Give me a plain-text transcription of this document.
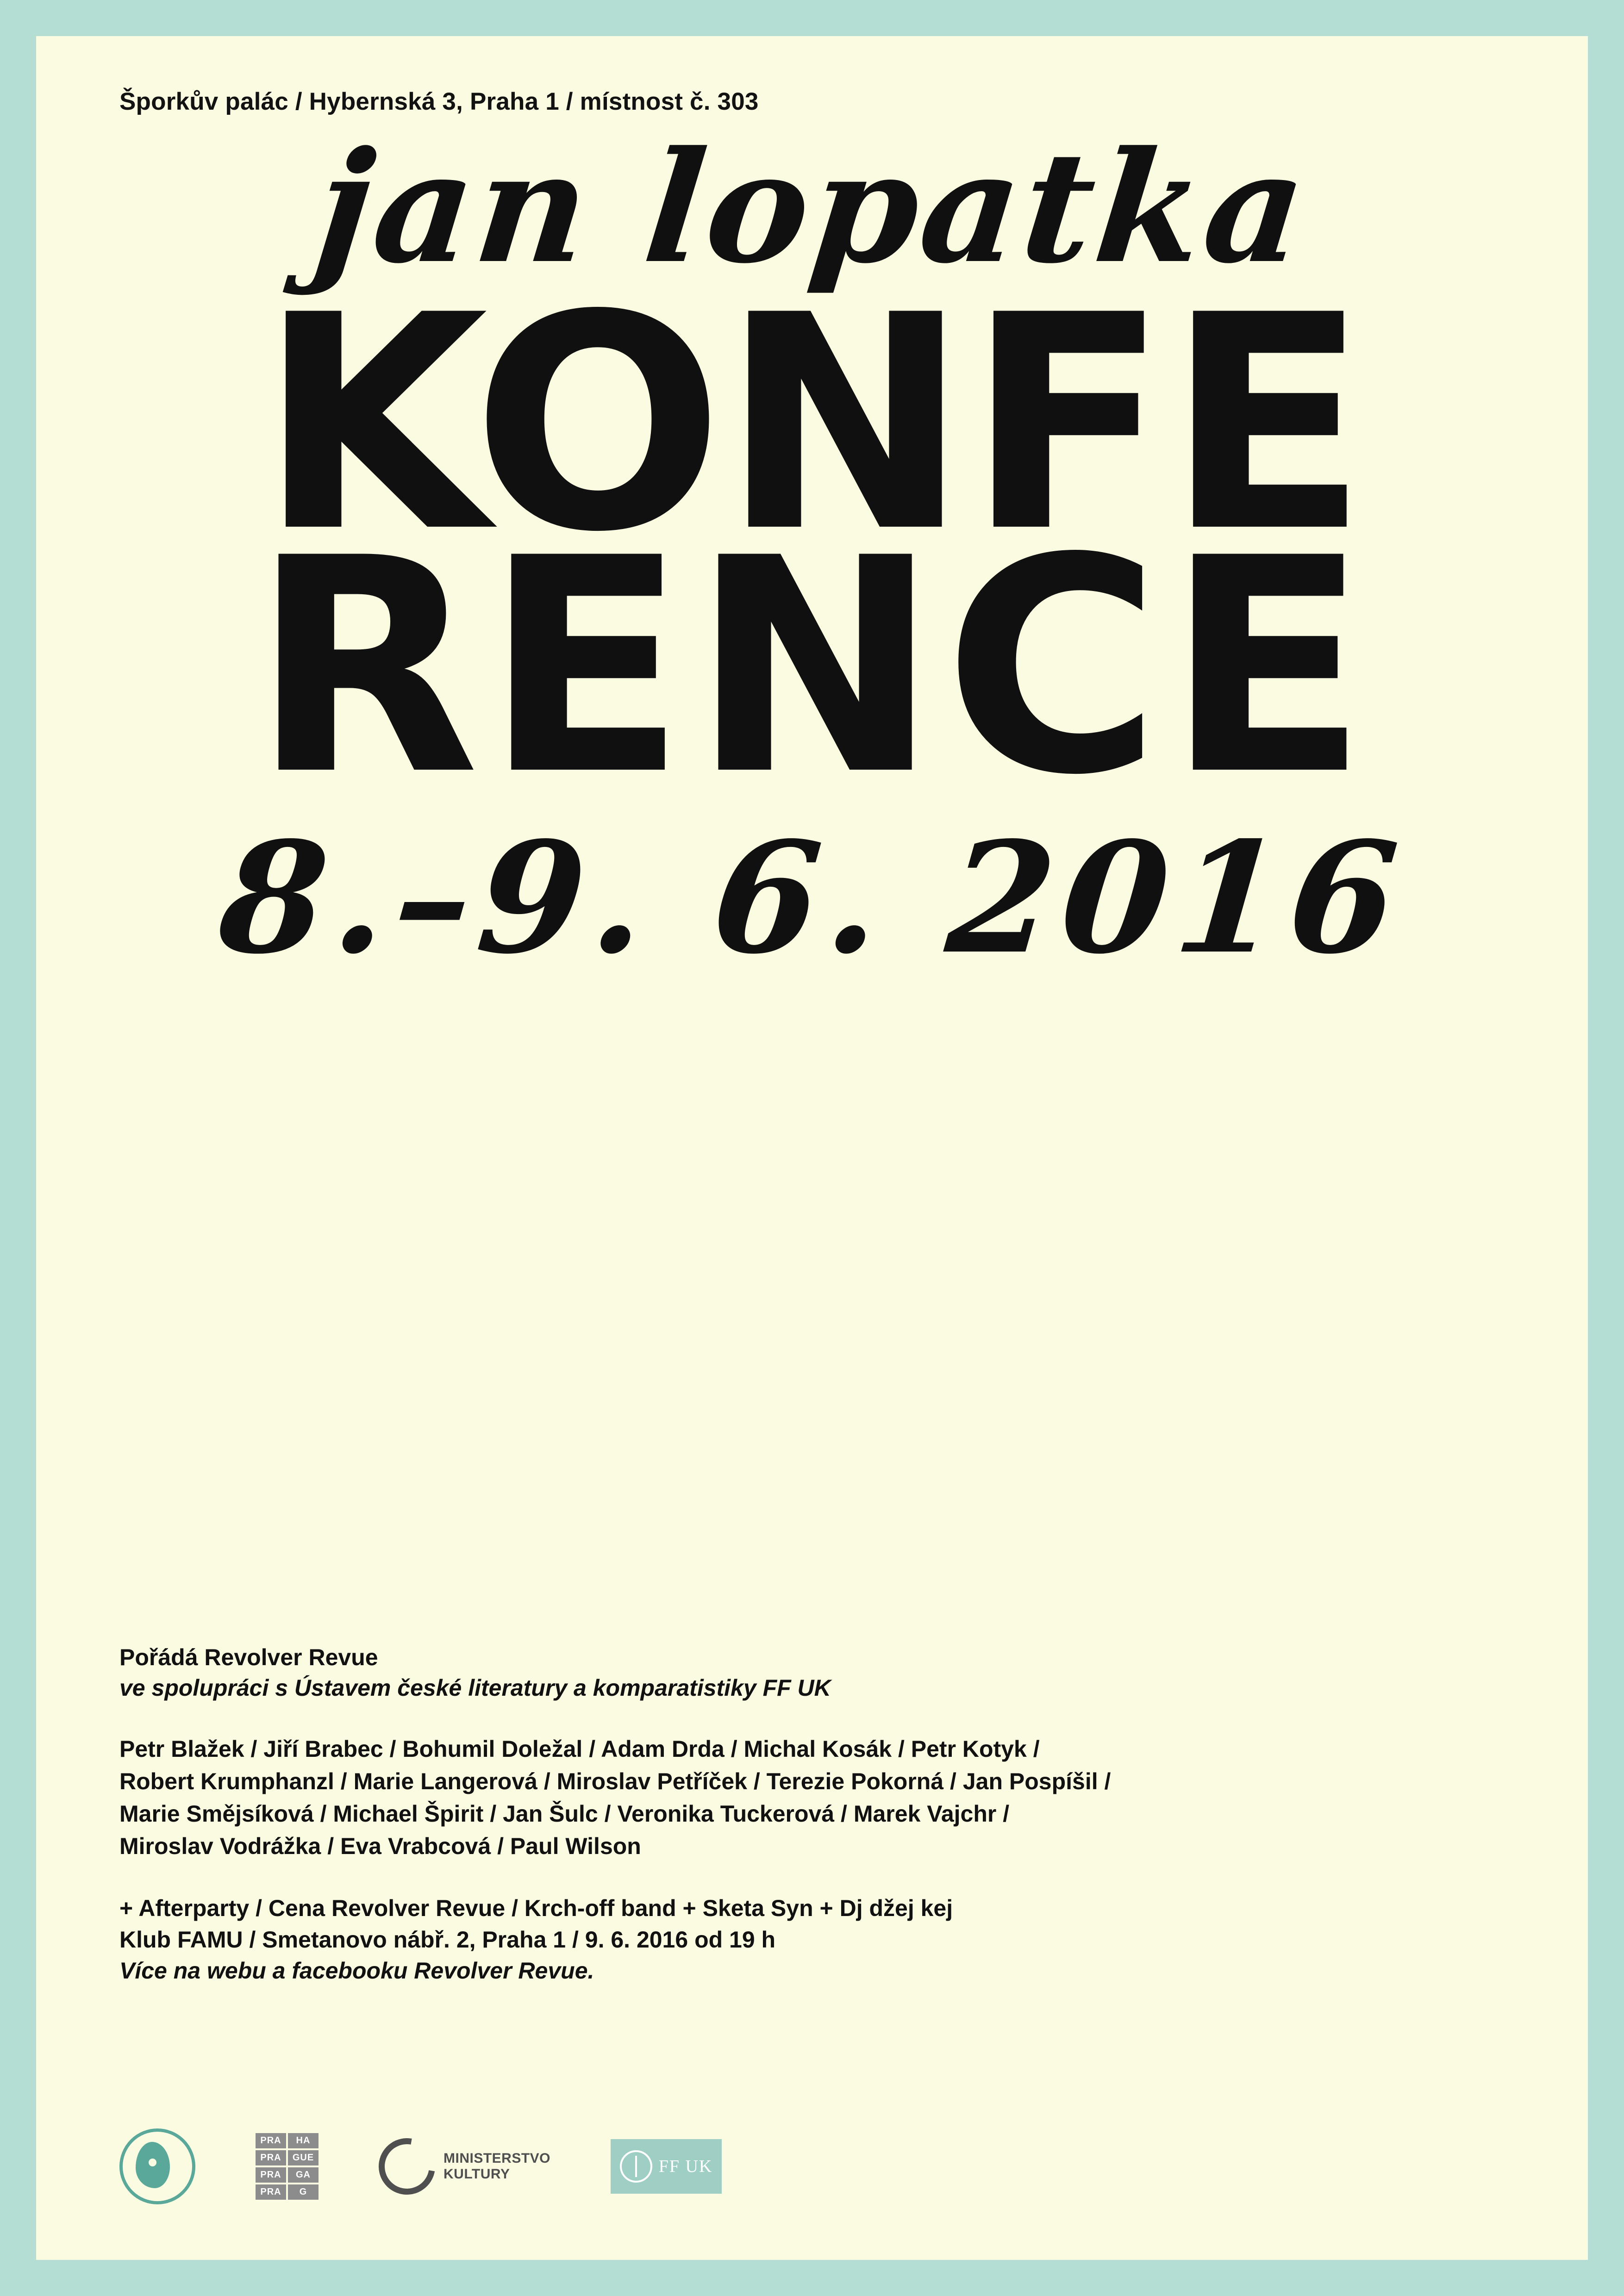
Šporkův palác / Hybernská 3, Praha 1 / místnost č. 303
jan lopatka
KONFE
RENCE
8.–9. 6. 2016

Pořádá Revolver Revue
ve spolupráci s Ústavem české literatury a komparatistiky FF UK

Petr Blažek / Jiří Brabec / Bohumil Doležal / Adam Drda / Michal Kosák / Petr Kotyk /
Robert Krumphanzl / Marie Langerová / Miroslav Petříček / Terezie Pokorná / Jan Pospíšil /
Marie Smějsíková / Michael Špirit / Jan Šulc / Veronika Tuckerová / Marek Vajchr /
Miroslav Vodrážka / Eva Vrabcová / Paul Wilson

+ Afterparty / Cena Revolver Revue / Krch-off band + Sketa Syn + Dj džej kej
Klub FAMU / Smetanovo nábř. 2, Praha 1 / 9. 6. 2016 od 19 h
Více na webu a facebooku Revolver Revue.

PRA	HA
PRA	GUE
PRA	GA
PRA	G
MINISTERSTVO
KULTURY	FF UK
